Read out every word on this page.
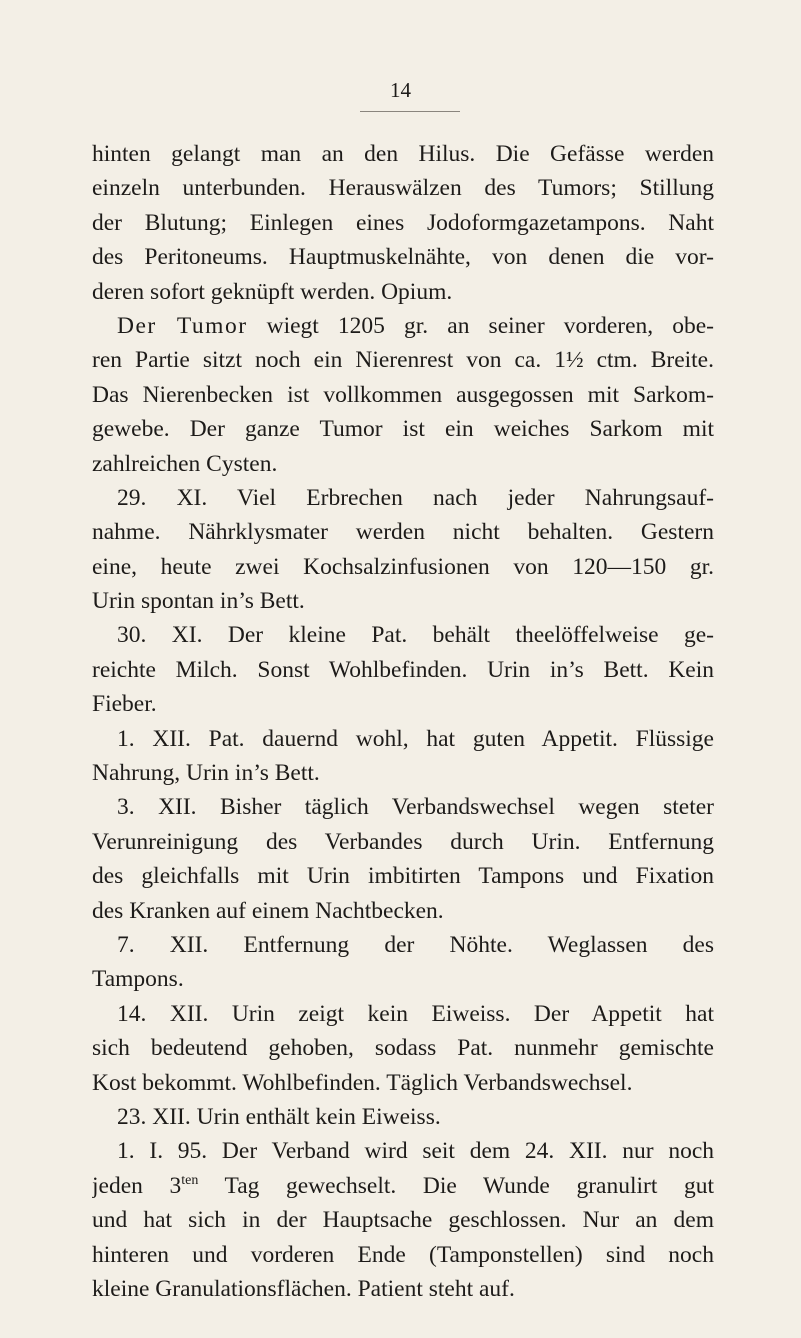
14
hinten gelangt man an den Hilus. Die Gefässe werden
einzeln unterbunden. Herauswälzen des Tumors; Stillung
der Blutung; Einlegen eines Jodoformgazetampons. Naht
des Peritoneums. Hauptmuskelnähte, von denen die vor-
deren sofort geknüpft werden. Opium.
Der Tumor wiegt 1205 gr. an seiner vorderen, obe-
ren Partie sitzt noch ein Nierenrest von ca. 1½ ctm. Breite.
Das Nierenbecken ist vollkommen ausgegossen mit Sarkom-
gewebe. Der ganze Tumor ist ein weiches Sarkom mit
zahlreichen Cysten.
29. XI. Viel Erbrechen nach jeder Nahrungsauf-
nahme. Nährklysmater werden nicht behalten. Gestern
eine, heute zwei Kochsalzinfusionen von 120—150 gr.
Urin spontan in’s Bett.
30. XI. Der kleine Pat. behält theelöffelweise ge-
reichte Milch. Sonst Wohlbefinden. Urin in’s Bett. Kein
Fieber.
1. XII. Pat. dauernd wohl, hat guten Appetit. Flüssige
Nahrung, Urin in’s Bett.
3. XII. Bisher täglich Verbandswechsel wegen steter
Verunreinigung des Verbandes durch Urin. Entfernung
des gleichfalls mit Urin imbitirten Tampons und Fixation
des Kranken auf einem Nachtbecken.
7. XII. Entfernung der Nöhte. Weglassen des
Tampons.
14. XII. Urin zeigt kein Eiweiss. Der Appetit hat
sich bedeutend gehoben, sodass Pat. nunmehr gemischte
Kost bekommt. Wohlbefinden. Täglich Verbandswechsel.
23. XII. Urin enthält kein Eiweiss.
1. I. 95. Der Verband wird seit dem 24. XII. nur noch
jeden $3^{ten}$ Tag gewechselt. Die Wunde granulirt gut
und hat sich in der Hauptsache geschlossen. Nur an dem
hinteren und vorderen Ende (Tamponstellen) sind noch
kleine Granulationsflächen. Patient steht auf.
